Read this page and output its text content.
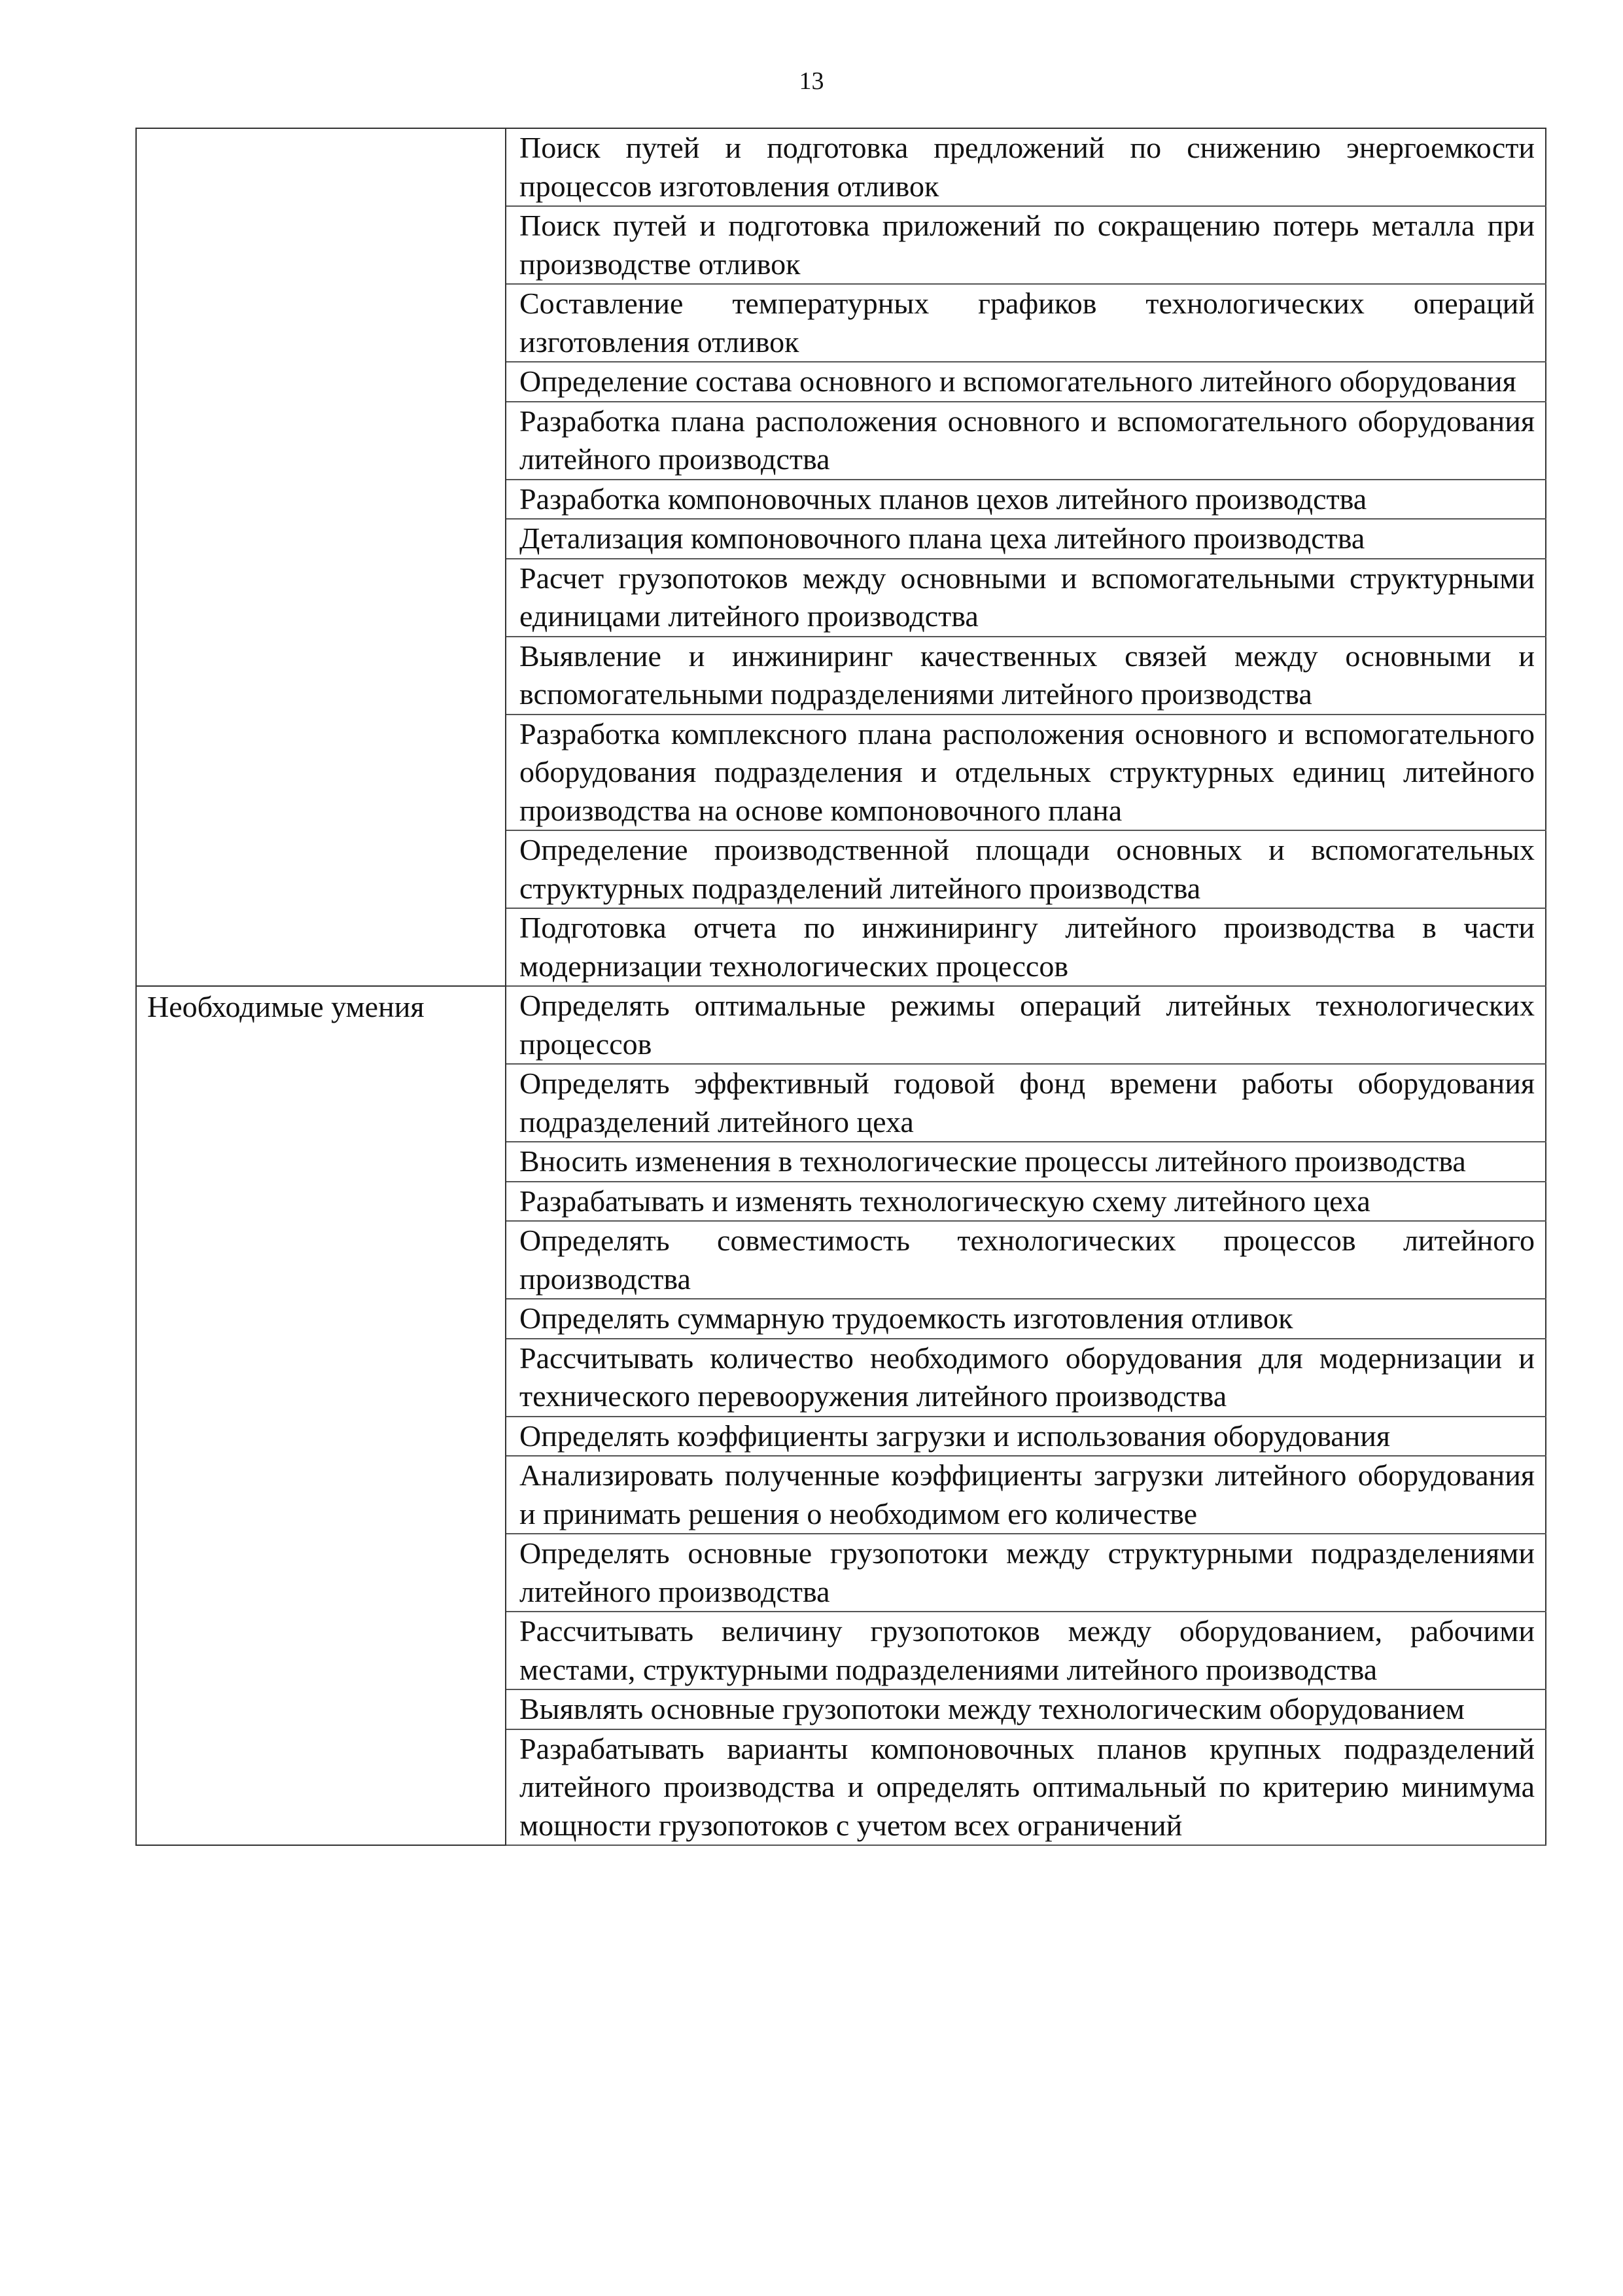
13
	Поиск путей и подготовка предложений по снижению энергоемкости процессов изготовления отливок
	Поиск путей и подготовка приложений по сокращению потерь металла при производстве отливок
	Составление температурных графиков технологических операций изготовления отливок
	Определение состава основного и вспомогательного литейного оборудования
	Разработка плана расположения основного и вспомогательного оборудования литейного производства
	Разработка компоновочных планов цехов литейного производства
	Детализация компоновочного плана цеха литейного производства
	Расчет грузопотоков между основными и вспомогательными структурными единицами литейного производства
	Выявление и инжиниринг качественных связей между основными и вспомогательными подразделениями литейного производства
	Разработка комплексного плана расположения основного и вспомогательного оборудования подразделения и отдельных структурных единиц литейного производства на основе компоновочного плана
	Определение производственной площади основных и вспомогательных структурных подразделений литейного производства
	Подготовка отчета по инжинирингу литейного производства в части модернизации технологических процессов

Необходимые умения	Определять оптимальные режимы операций литейных технологических процессов
	Определять эффективный годовой фонд времени работы оборудования подразделений литейного цеха
	Вносить изменения в технологические процессы литейного производства
	Разрабатывать и изменять технологическую схему литейного цеха
	Определять совместимость технологических процессов литейного производства
	Определять суммарную трудоемкость изготовления отливок
	Рассчитывать количество необходимого оборудования для модернизации и технического перевооружения литейного производства
	Определять коэффициенты загрузки и использования оборудования
	Анализировать полученные коэффициенты загрузки литейного оборудования и принимать решения о необходимом его количестве
	Определять основные грузопотоки между структурными подразделениями литейного производства
	Рассчитывать величину грузопотоков между оборудованием, рабочими местами, структурными подразделениями литейного производства
	Выявлять основные грузопотоки между технологическим оборудованием
	Разрабатывать варианты компоновочных планов крупных подразделений литейного производства и определять оптимальный по критерию минимума мощности грузопотоков с учетом всех ограничений
